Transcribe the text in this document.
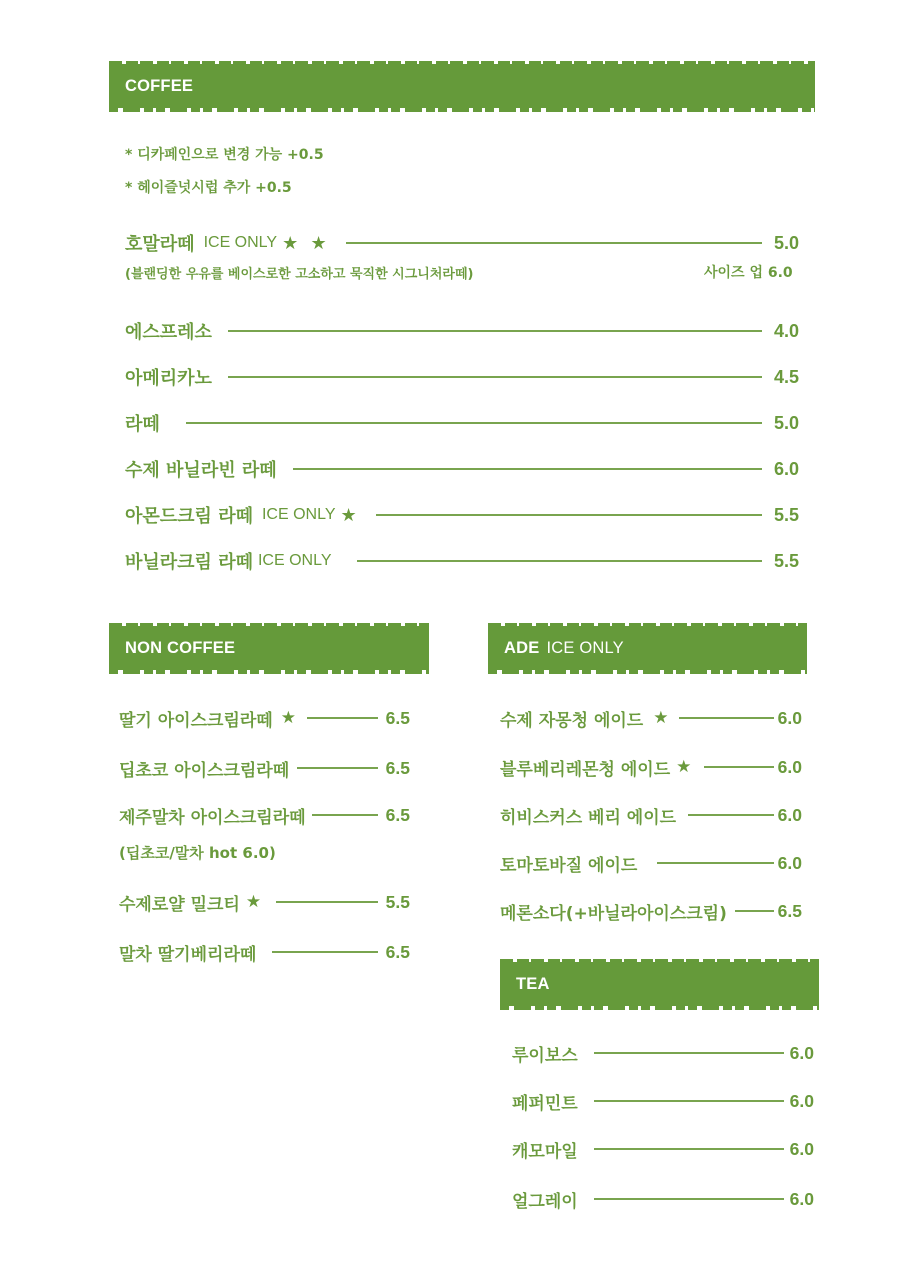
COFFEE
* 디카페인으로 변경 가능 +0.5
* 헤이즐넛시럽 추가 +0.5
호말라떼 ICE ONLY ★ ★	5.0
(블랜딩한 우유를 베이스로한 고소하고 묵직한 시그니처라떼)	사이즈 업 6.0
에스프레소	4.0
아메리카노	4.5
라떼	5.0
수제 바닐라빈 라떼	6.0
아몬드크림 라떼 ICE ONLY ★	5.5
바닐라크림 라떼 ICE ONLY	5.5
NON COFFEE
딸기 아이스크림라떼 ★	6.5
딥초코 아이스크림라떼	6.5
제주말차 아이스크림라떼	6.5
(딥초코/말차 hot 6.0)
수제로얄 밀크티 ★	5.5
말차 딸기베리라떼	6.5
ADE ICE ONLY
수제 자몽청 에이드 ★	6.0
블루베리레몬청 에이드 ★	6.0
히비스커스 베리 에이드	6.0
토마토바질 에이드	6.0
메론소다(+바닐라아이스크림)	6.5
TEA
루이보스	6.0
페퍼민트	6.0
캐모마일	6.0
얼그레이	6.0
